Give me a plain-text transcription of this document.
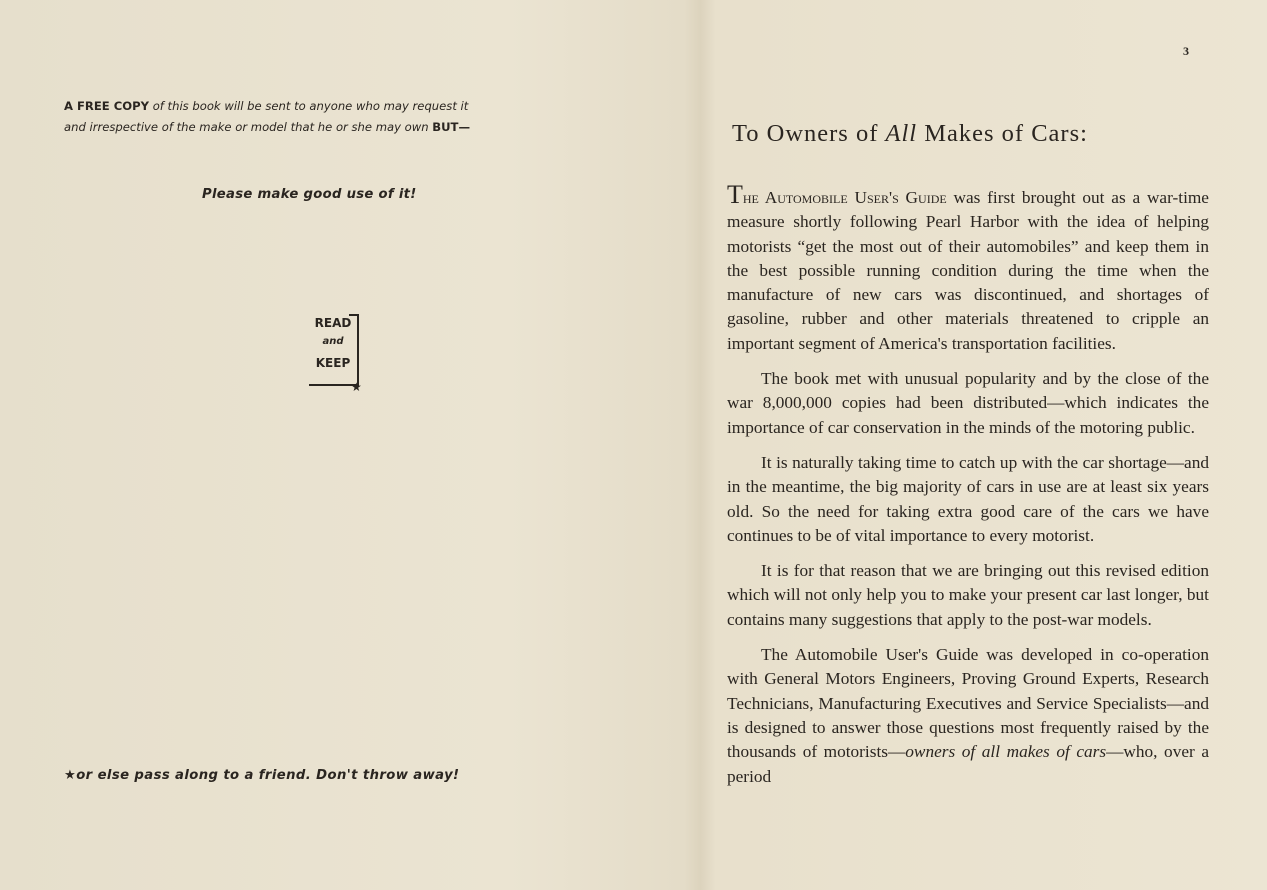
A FREE COPY of this book will be sent to anyone who may request it
and irrespective of the make or model that he or she may own BUT—
Please make good use of it!
READ
and
KEEP
★
★or else pass along to a friend. Don't throw away!
3
To Owners of All Makes of Cars:

The Automobile User's Guide was first brought out as a war-time measure shortly following Pearl Harbor with the idea of helping motorists “get the most out of their automobiles” and keep them in the best possible running condition during the time when the manufacture of new cars was discontinued, and shortages of gasoline, rubber and other materials threatened to cripple an important segment of America's transportation facilities.

The book met with unusual popularity and by the close of the war 8,000,000 copies had been distributed—which indicates the importance of car conservation in the minds of the motoring public.

It is naturally taking time to catch up with the car shortage—and in the meantime, the big majority of cars in use are at least six years old. So the need for taking extra good care of the cars we have continues to be of vital importance to every motorist.

It is for that reason that we are bringing out this revised edition which will not only help you to make your present car last longer, but contains many suggestions that apply to the post-war models.

The Automobile User's Guide was developed in co-operation with General Motors Engineers, Proving Ground Experts, Research Technicians, Manufacturing Executives and Service Specialists—and is designed to answer those questions most frequently raised by the thousands of motorists—owners of all makes of cars—who, over a period
